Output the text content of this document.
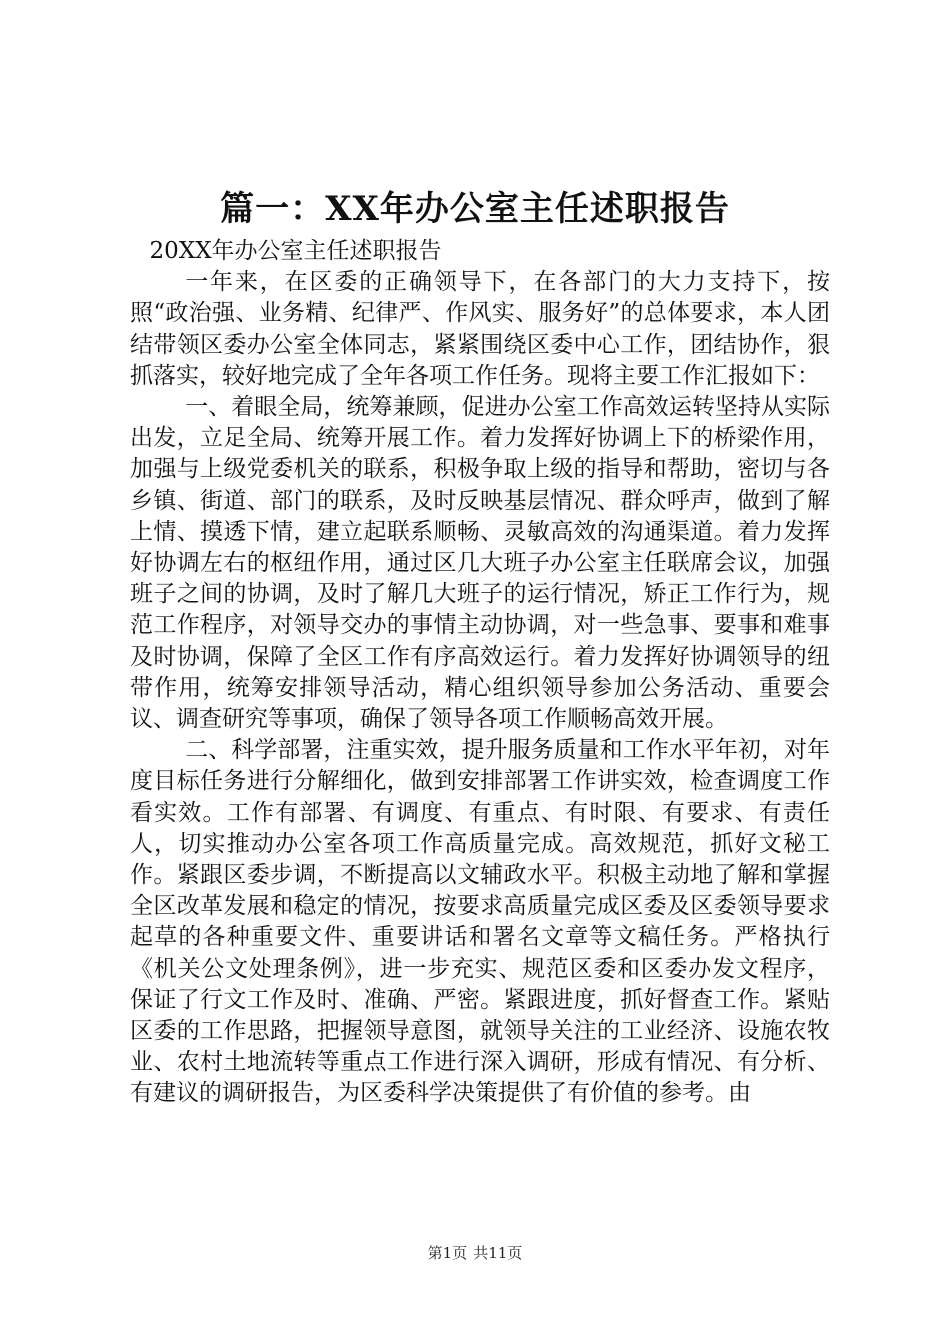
篇一：XX年办公室主任述职报告

20XX年办公室主任述职报告

一年来，在区委的正确领导下，在各部门的大力支持下，按照“政治强、业务精、纪律严、作风实、服务好”的总体要求，本人团结带领区委办公室全体同志，紧紧围绕区委中心工作，团结协作，狠抓落实，较好地完成了全年各项工作任务。现将主要工作汇报如下：

一、着眼全局，统筹兼顾，促进办公室工作高效运转坚持从实际出发，立足全局、统筹开展工作。着力发挥好协调上下的桥梁作用，加强与上级党委机关的联系，积极争取上级的指导和帮助，密切与各乡镇、街道、部门的联系，及时反映基层情况、群众呼声，做到了解上情、摸透下情，建立起联系顺畅、灵敏高效的沟通渠道。着力发挥好协调左右的枢纽作用，通过区几大班子办公室主任联席会议，加强班子之间的协调，及时了解几大班子的运行情况，矫正工作行为，规范工作程序，对领导交办的事情主动协调，对一些急事、要事和难事及时协调，保障了全区工作有序高效运行。着力发挥好协调领导的纽带作用，统筹安排领导活动，精心组织领导参加公务活动、重要会议、调查研究等事项，确保了领导各项工作顺畅高效开展。

二、科学部署，注重实效，提升服务质量和工作水平年初，对年度目标任务进行分解细化，做到安排部署工作讲实效，检查调度工作看实效。工作有部署、有调度、有重点、有时限、有要求、有责任人，切实推动办公室各项工作高质量完成。高效规范，抓好文秘工作。紧跟区委步调，不断提高以文辅政水平。积极主动地了解和掌握全区改革发展和稳定的情况，按要求高质量完成区委及区委领导要求起草的各种重要文件、重要讲话和署名文章等文稿任务。严格执行《机关公文处理条例》，进一步充实、规范区委和区委办发文程序，保证了行文工作及时、准确、严密。紧跟进度，抓好督查工作。紧贴区委的工作思路，把握领导意图，就领导关注的工业经济、设施农牧业、农村土地流转等重点工作进行深入调研，形成有情况、有分析、有建议的调研报告，为区委科学决策提供了有价值的参考。由

第1页 共11页
